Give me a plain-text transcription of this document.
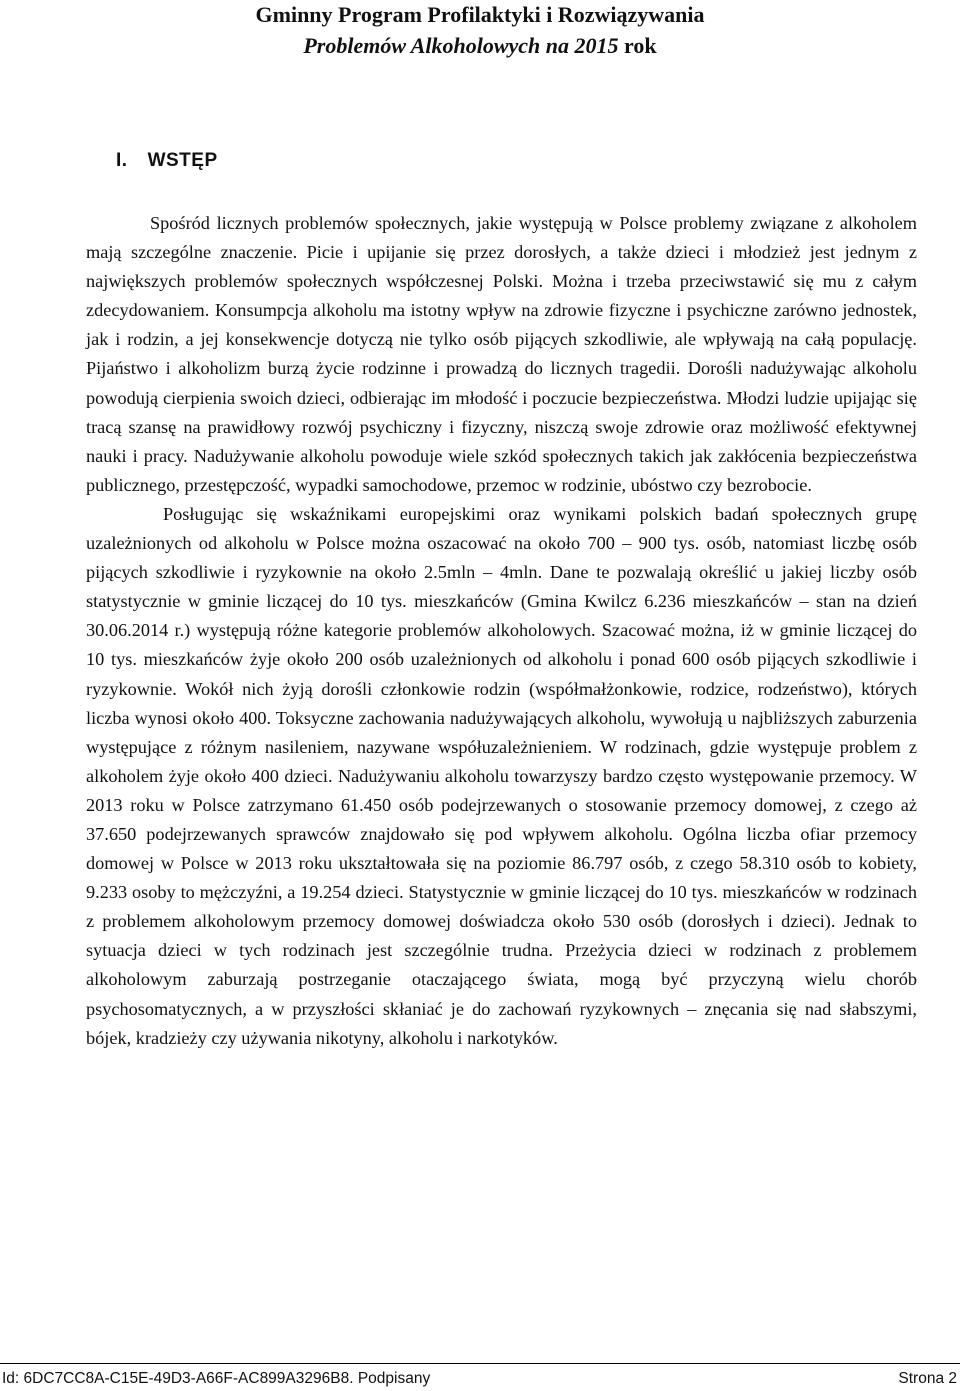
Gminny Program Profilaktyki i Rozwiązywania
Problemów Alkoholowych na 2015 rok
I. WSTĘP

Spośród licznych problemów społecznych, jakie występują w Polsce problemy związane z alkoholem mają szczególne znaczenie. Picie i upijanie się przez dorosłych, a także dzieci i młodzież jest jednym z największych problemów społecznych współczesnej Polski. Można i trzeba przeciwstawić się mu z całym zdecydowaniem. Konsumpcja alkoholu ma istotny wpływ na zdrowie fizyczne i psychiczne zarówno jednostek, jak i rodzin, a jej konsekwencje dotyczą nie tylko osób pijących szkodliwie, ale wpływają na całą populację. Pijaństwo i alkoholizm burzą życie rodzinne i prowadzą do licznych tragedii. Dorośli nadużywając alkoholu powodują cierpienia swoich dzieci, odbierając im młodość i poczucie bezpieczeństwa. Młodzi ludzie upijając się tracą szansę na prawidłowy rozwój psychiczny i fizyczny, niszczą swoje zdrowie oraz możliwość efektywnej nauki i pracy. Nadużywanie alkoholu powoduje wiele szkód społecznych takich jak zakłócenia bezpieczeństwa publicznego, przestępczość, wypadki samochodowe, przemoc w rodzinie, ubóstwo czy bezrobocie.

Posługując się wskaźnikami europejskimi oraz wynikami polskich badań społecznych grupę uzależnionych od alkoholu w Polsce można oszacować na około 700 – 900 tys. osób, natomiast liczbę osób pijących szkodliwie i ryzykownie na około 2.5mln – 4mln. Dane te pozwalają określić u jakiej liczby osób statystycznie w gminie liczącej do 10 tys. mieszkańców (Gmina Kwilcz 6.236 mieszkańców – stan na dzień 30.06.2014 r.) występują różne kategorie problemów alkoholowych. Szacować można, iż w gminie liczącej do 10 tys. mieszkańców żyje około 200 osób uzależnionych od alkoholu i ponad 600 osób pijących szkodliwie i ryzykownie. Wokół nich żyją dorośli członkowie rodzin (współmałżonkowie, rodzice, rodzeństwo), których liczba wynosi około 400. Toksyczne zachowania nadużywających alkoholu, wywołują u najbliższych zaburzenia występujące z różnym nasileniem, nazywane współuzależnieniem. W rodzinach, gdzie występuje problem z alkoholem żyje około 400 dzieci. Nadużywaniu alkoholu towarzyszy bardzo często występowanie przemocy. W 2013 roku w Polsce zatrzymano 61.450 osób podejrzewanych o stosowanie przemocy domowej, z czego aż 37.650 podejrzewanych sprawców znajdowało się pod wpływem alkoholu. Ogólna liczba ofiar przemocy domowej w Polsce w 2013 roku ukształtowała się na poziomie 86.797 osób, z czego 58.310 osób to kobiety, 9.233 osoby to mężczyźni, a 19.254 dzieci. Statystycznie w gminie liczącej do 10 tys. mieszkańców w rodzinach z problemem alkoholowym przemocy domowej doświadcza około 530 osób (dorosłych i dzieci). Jednak to sytuacja dzieci w tych rodzinach jest szczególnie trudna. Przeżycia dzieci w rodzinach z problemem alkoholowym zaburzają postrzeganie otaczającego świata, mogą być przyczyną wielu chorób psychosomatycznych, a w przyszłości skłaniać je do zachowań ryzykownych – znęcania się nad słabszymi, bójek, kradzieży czy używania nikotyny, alkoholu i narkotyków.

Id: 6DC7CC8A-C15E-49D3-A66F-AC899A3296B8. Podpisany	Strona 2
